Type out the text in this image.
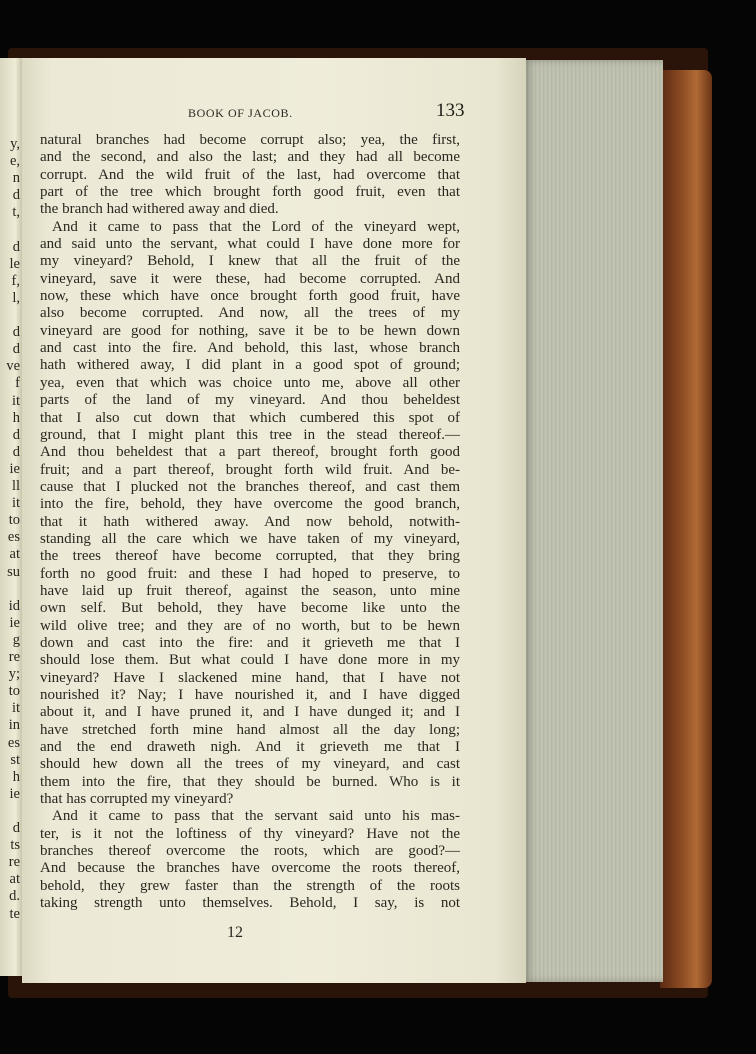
y,
e,
n
d
t,
d
le
f,
l,
d
d
ve
f
it
h
d
d
ie
ll
it
to
es
at
su
id
ie
g
re
y;
to
it
in
es
st
h
ie
d
ts
re
at
d.
te
BOOK OF JACOB.	133
natural branches had become corrupt also; yea, the first,
and the second, and also the last; and they had all become
corrupt. And the wild fruit of the last, had overcome that
part of the tree which brought forth good fruit, even that
the branch had withered away and died.
And it came to pass that the Lord of the vineyard wept,
and said unto the servant, what could I have done more for
my vineyard? Behold, I knew that all the fruit of the
vineyard, save it were these, had become corrupted. And
now, these which have once brought forth good fruit, have
also become corrupted. And now, all the trees of my
vineyard are good for nothing, save it be to be hewn down
and cast into the fire. And behold, this last, whose branch
hath withered away, I did plant in a good spot of ground;
yea, even that which was choice unto me, above all other
parts of the land of my vineyard. And thou beheldest
that I also cut down that which cumbered this spot of
ground, that I might plant this tree in the stead thereof.—
And thou beheldest that a part thereof, brought forth good
fruit; and a part thereof, brought forth wild fruit. And be-
cause that I plucked not the branches thereof, and cast them
into the fire, behold, they have overcome the good branch,
that it hath withered away. And now behold, notwith-
standing all the care which we have taken of my vineyard,
the trees thereof have become corrupted, that they bring
forth no good fruit: and these I had hoped to preserve, to
have laid up fruit thereof, against the season, unto mine
own self. But behold, they have become like unto the
wild olive tree; and they are of no worth, but to be hewn
down and cast into the fire: and it grieveth me that I
should lose them. But what could I have done more in my
vineyard? Have I slackened mine hand, that I have not
nourished it? Nay; I have nourished it, and I have digged
about it, and I have pruned it, and I have dunged it; and I
have stretched forth mine hand almost all the day long;
and the end draweth nigh. And it grieveth me that I
should hew down all the trees of my vineyard, and cast
them into the fire, that they should be burned. Who is it
that has corrupted my vineyard?
And it came to pass that the servant said unto his mas-
ter, is it not the loftiness of thy vineyard? Have not the
branches thereof overcome the roots, which are good?—
And because the branches have overcome the roots thereof,
behold, they grew faster than the strength of the roots
taking strength unto themselves. Behold, I say, is not
12
